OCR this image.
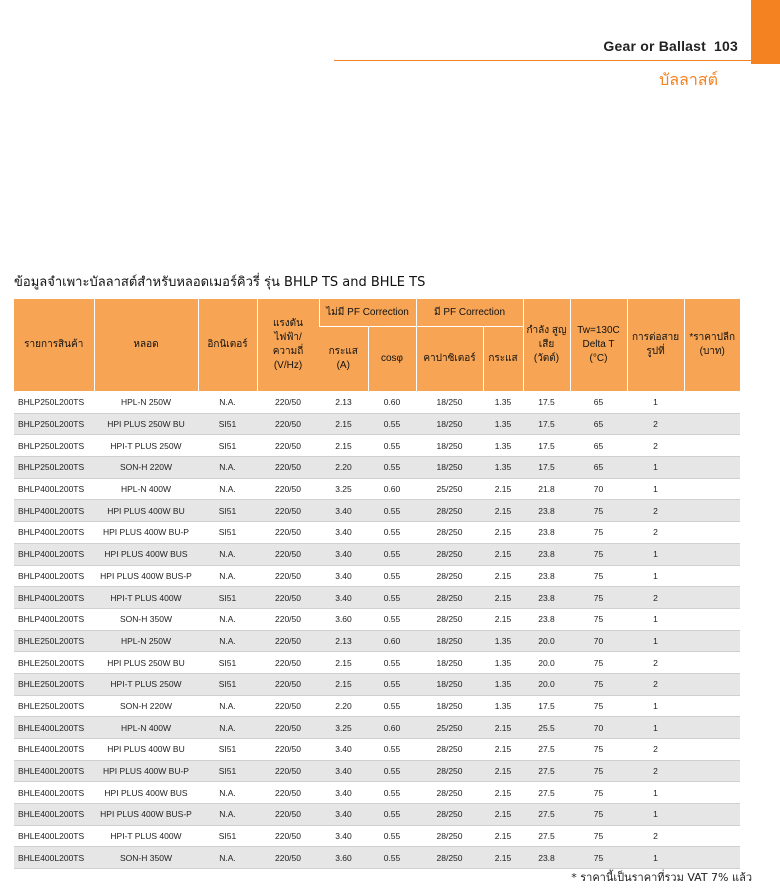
Gear or Ballast 103
บัลลาสต์
ข้อมูลจำเพาะบัลลาสต์สำหรับหลอดเมอร์คิวรี่ รุ่น BHLP TS and BHLE TS
รายการสินค้า	หลอด	อิกนิเตอร์	แรงดันไฟฟ้า/ ความถี่ (V/Hz)	ไม่มี PF Correction		มี PF Correction		กำลัง สูญเสีย (วัตต์)	Tw=130C Delta T (°C)	การต่อสาย รูปที่	*ราคาปลีก (บาท)
				กระแส (A)	cosφ	คาปาซิเตอร์	กระแส				
BHLP250L200TS	HPL-N 250W	N.A.	220/50	2.13	0.60	18/250	1.35	17.5	65	1	
BHLP250L200TS	HPI PLUS 250W BU	SI51	220/50	2.15	0.55	18/250	1.35	17.5	65	2	
BHLP250L200TS	HPI-T PLUS 250W	SI51	220/50	2.15	0.55	18/250	1.35	17.5	65	2	
BHLP250L200TS	SON-H 220W	N.A.	220/50	2.20	0.55	18/250	1.35	17.5	65	1	
BHLP400L200TS	HPL-N 400W	N.A.	220/50	3.25	0.60	25/250	2.15	21.8	70	1	
BHLP400L200TS	HPI PLUS 400W BU	SI51	220/50	3.40	0.55	28/250	2.15	23.8	75	2	
BHLP400L200TS	HPI PLUS 400W BU-P	SI51	220/50	3.40	0.55	28/250	2.15	23.8	75	2	
BHLP400L200TS	HPI PLUS 400W BUS	N.A.	220/50	3.40	0.55	28/250	2.15	23.8	75	1	
BHLP400L200TS	HPI PLUS 400W BUS-P	N.A.	220/50	3.40	0.55	28/250	2.15	23.8	75	1	
BHLP400L200TS	HPI-T PLUS 400W	SI51	220/50	3.40	0.55	28/250	2.15	23.8	75	2	
BHLP400L200TS	SON-H 350W	N.A.	220/50	3.60	0.55	28/250	2.15	23.8	75	1	
BHLE250L200TS	HPL-N 250W	N.A.	220/50	2.13	0.60	18/250	1.35	20.0	70	1	
BHLE250L200TS	HPI PLUS 250W BU	SI51	220/50	2.15	0.55	18/250	1.35	20.0	75	2	
BHLE250L200TS	HPI-T PLUS 250W	SI51	220/50	2.15	0.55	18/250	1.35	20.0	75	2	
BHLE250L200TS	SON-H 220W	N.A.	220/50	2.20	0.55	18/250	1.35	17.5	75	1	
BHLE400L200TS	HPL-N 400W	N.A.	220/50	3.25	0.60	25/250	2.15	25.5	70	1	
BHLE400L200TS	HPI PLUS 400W BU	SI51	220/50	3.40	0.55	28/250	2.15	27.5	75	2	
BHLE400L200TS	HPI PLUS 400W BU-P	SI51	220/50	3.40	0.55	28/250	2.15	27.5	75	2	
BHLE400L200TS	HPI PLUS 400W BUS	N.A.	220/50	3.40	0.55	28/250	2.15	27.5	75	1	
BHLE400L200TS	HPI PLUS 400W BUS-P	N.A.	220/50	3.40	0.55	28/250	2.15	27.5	75	1	
BHLE400L200TS	HPI-T PLUS 400W	SI51	220/50	3.40	0.55	28/250	2.15	27.5	75	2	
BHLE400L200TS	SON-H 350W	N.A.	220/50	3.60	0.55	28/250	2.15	23.8	75	1	
* ราคานี้เป็นราคาที่รวม VAT 7% แล้ว
